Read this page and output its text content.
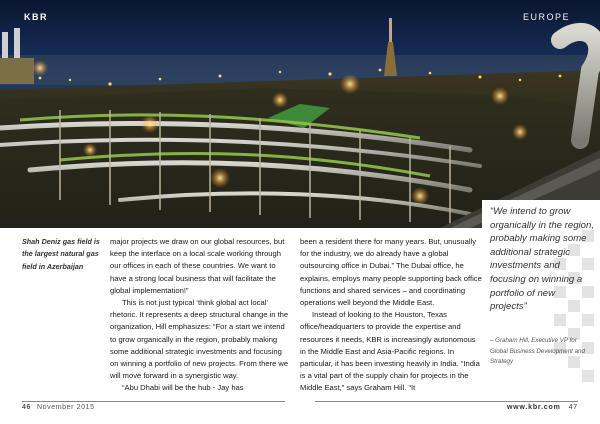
KBR	EUROPE
Shah Deniz gas field is the largest natural gas field in Azerbaijan

major projects we draw on our global resources, but keep the interface on a local scale working through our offices in each of these countries. We want to have a strong local business that will facilitate the global implementation!”

This is not just typical ‘think global act local’ rhetoric. It represents a deep structural change in the organization, Hill emphasizes: “For a start we intend to grow organically in the region, probably making some additional strategic investments and focusing on winning a portfolio of new projects. From there we will move forward in a synergistic way.

“Abu Dhabi will be the hub - Jay has

been a resident there for many years. But, unusually for the industry, we do already have a global outsourcing office in Dubai.” The Dubai office, he explains, employs many people supporting back office functions and shared services – and coordinating operations well beyond the Middle East.

Instead of looking to the Houston, Texas office/headquarters to provide the expertise and resources it needs, KBR is increasingly autonomous in the Middle East and Asia-Pacific regions. In particular, it has been investing heavily in India. “India is a vital part of the supply chain for projects in the Middle East,” says Graham Hill. “It

“We intend to grow organically in the region, probably making some additional strategic investments and focusing on winning a portfolio of new projects”
– Graham Hill, Executive VP for Global Business Development and Strategy
46 November 2015	www.kbr.com 47
